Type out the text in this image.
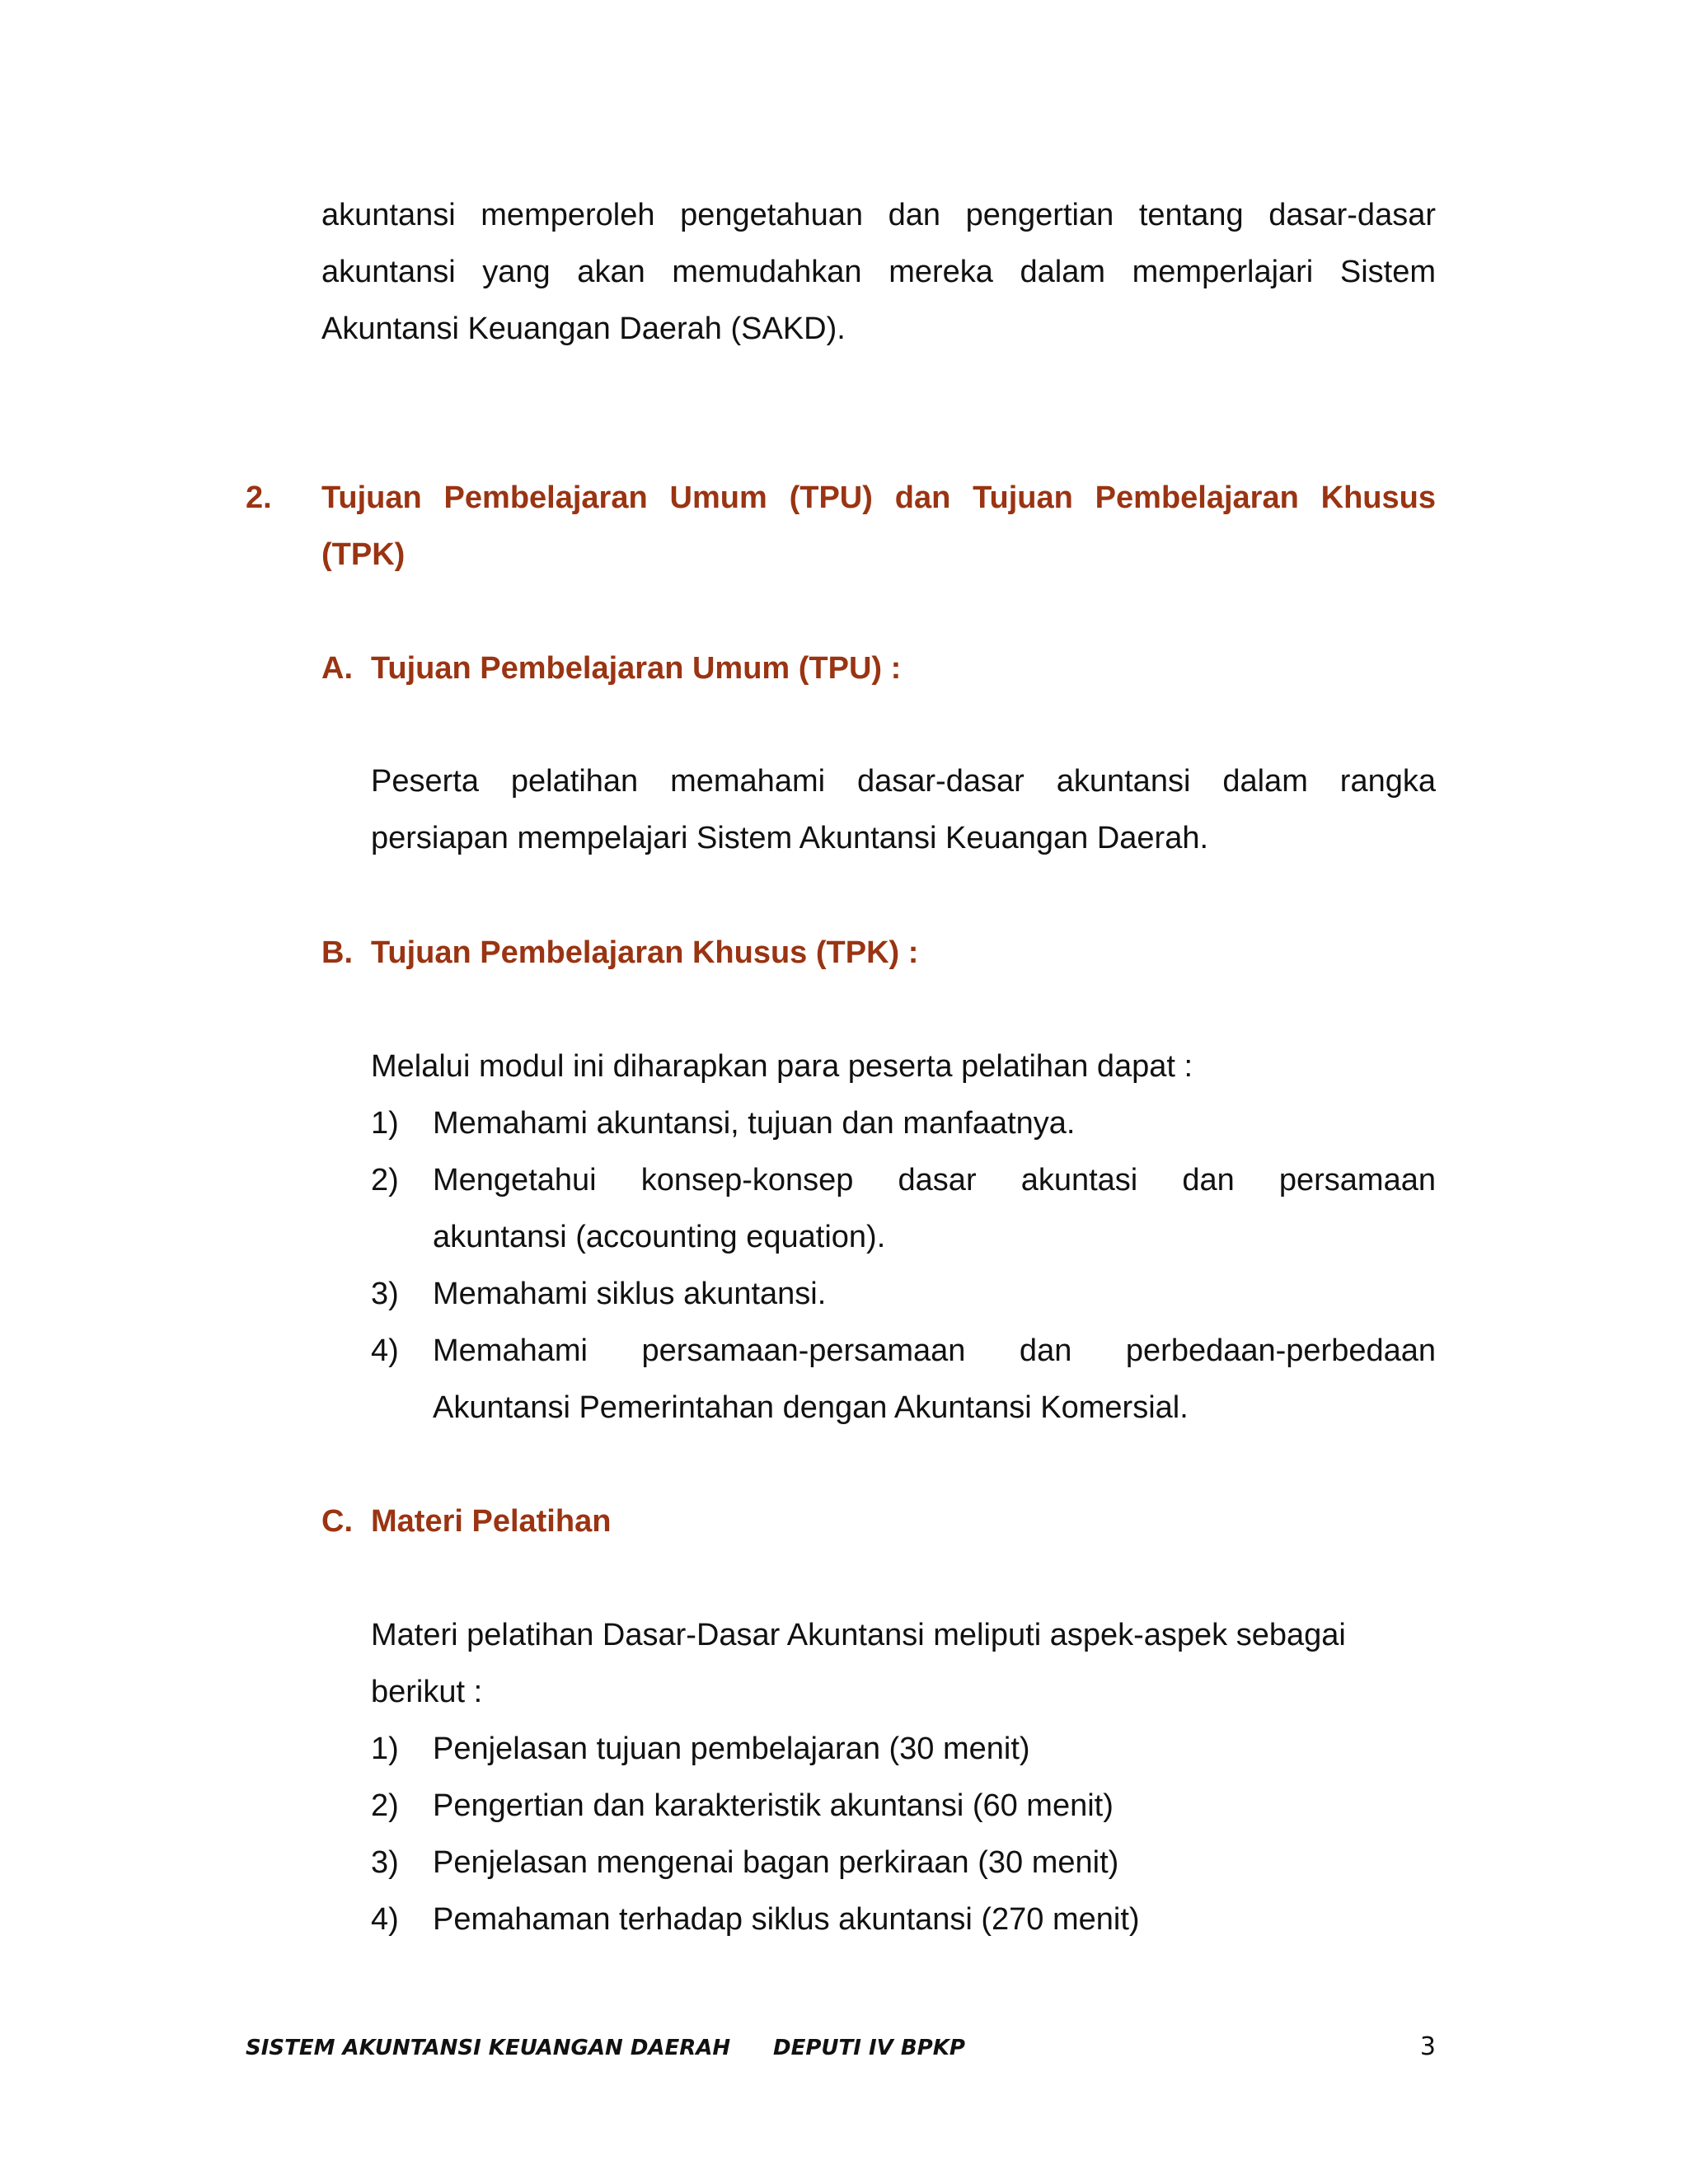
akuntansi memperoleh pengetahuan dan pengertian tentang dasar-dasar
akuntansi yang akan memudahkan mereka dalam memperlajari Sistem
Akuntansi Keuangan Daerah (SAKD).
2.	Tujuan Pembelajaran Umum (TPU) dan Tujuan Pembelajaran Khusus
(TPK)
A. Tujuan Pembelajaran Umum (TPU) :
Peserta pelatihan memahami dasar-dasar akuntansi dalam rangka
persiapan mempelajari Sistem Akuntansi Keuangan Daerah.
B. Tujuan Pembelajaran Khusus (TPK) :
Melalui modul ini diharapkan para peserta pelatihan dapat :
1) Memahami akuntansi, tujuan dan manfaatnya.
2) Mengetahui konsep-konsep dasar akuntasi dan persamaan
akuntansi (accounting equation).
3) Memahami siklus akuntansi.
4) Memahami persamaan-persamaan dan perbedaan-perbedaan
Akuntansi Pemerintahan dengan Akuntansi Komersial.
C. Materi Pelatihan
Materi pelatihan Dasar-Dasar Akuntansi meliputi aspek-aspek sebagai
berikut :
1) Penjelasan tujuan pembelajaran (30 menit)
2) Pengertian dan karakteristik akuntansi (60 menit)
3) Penjelasan mengenai bagan perkiraan (30 menit)
4) Pemahaman terhadap siklus akuntansi (270 menit)
SISTEM AKUNTANSI KEUANGAN DAERAH DEPUTI IV BPKP	3
